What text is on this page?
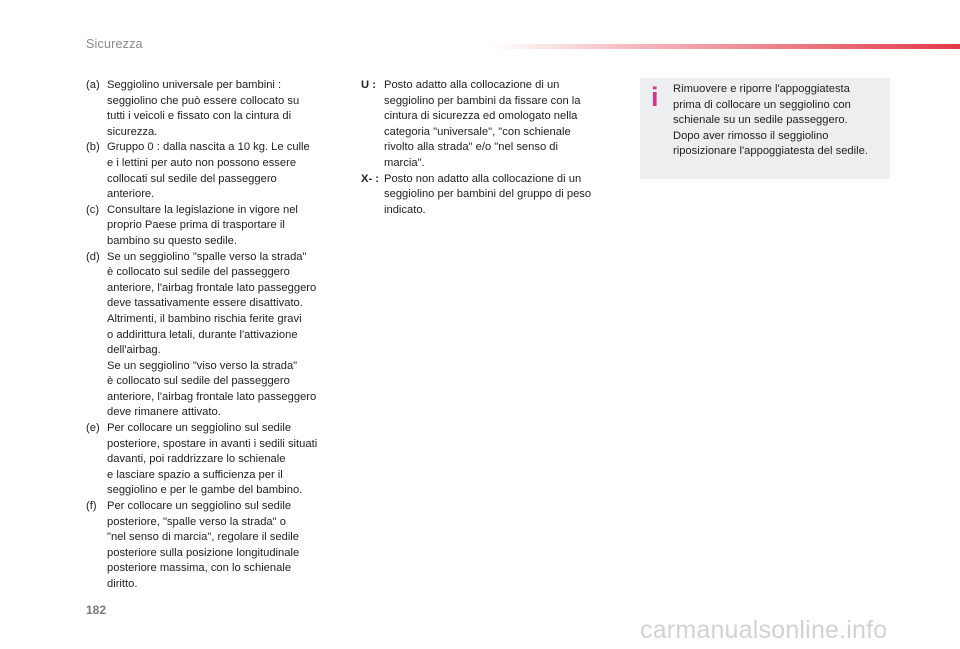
Sicurezza
(a) Seggiolino universale per bambini :
seggiolino che può essere collocato su
tutti i veicoli e fissato con la cintura di
sicurezza.
(b) Gruppo 0 : dalla nascita a 10 kg. Le culle
e i lettini per auto non possono essere
collocati sul sedile del passeggero
anteriore.
(c) Consultare la legislazione in vigore nel
proprio Paese prima di trasportare il
bambino su questo sedile.
(d) Se un seggiolino "spalle verso la strada"
è collocato sul sedile del passeggero
anteriore, l'airbag frontale lato passeggero
deve tassativamente essere disattivato.
Altrimenti, il bambino rischia ferite gravi
o addirittura letali, durante l'attivazione
dell'airbag.
Se un seggiolino "viso verso la strada"
è collocato sul sedile del passeggero
anteriore, l'airbag frontale lato passeggero
deve rimanere attivato.
(e) Per collocare un seggiolino sul sedile
posteriore, spostare in avanti i sedili situati
davanti, poi raddrizzare lo schienale
e lasciare spazio a sufficienza per il
seggiolino e per le gambe del bambino.
(f) Per collocare un seggiolino sul sedile
posteriore, "spalle verso la strada" o
"nel senso di marcia", regolare il sedile
posteriore sulla posizione longitudinale
posteriore massima, con lo schienale
diritto.
U : Posto adatto alla collocazione di un
seggiolino per bambini da fissare con la
cintura di sicurezza ed omologato nella
categoria "universale", "con schienale
rivolto alla strada" e/o "nel senso di
marcia".
X- : Posto non adatto alla collocazione di un
seggiolino per bambini del gruppo di peso
indicato.
i	Rimuovere e riporre l'appoggiatesta
prima di collocare un seggiolino con
schienale su un sedile passeggero.
Dopo aver rimosso il seggiolino
riposizionare l'appoggiatesta del sedile.
182
carmanualsonline.info
